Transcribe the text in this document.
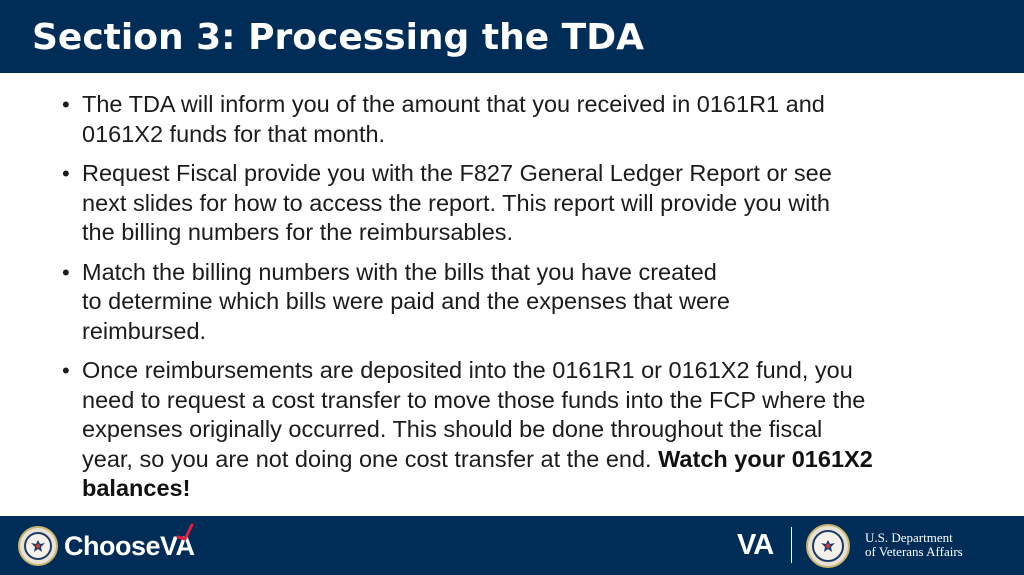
Section 3: Processing the TDA
• The TDA will inform you of the amount that you received in 0161R1 and
0161X2 funds for that month.
• Request Fiscal provide you with the F827 General Ledger Report or see
next slides for how to access the report. This report will provide you with
the billing numbers for the reimbursables.
• Match the billing numbers with the bills that you have created
to determine which bills were paid and the expenses that were
reimbursed.
• Once reimbursements are deposited into the 0161R1 or 0161X2 fund, you
need to request a cost transfer to move those funds into the FCP where the
expenses originally occurred. This should be done throughout the fiscal
year, so you are not doing one cost transfer at the end. Watch your 0161X2
balances!
ChooseVA	VA	U.S. Department
of Veterans Affairs
